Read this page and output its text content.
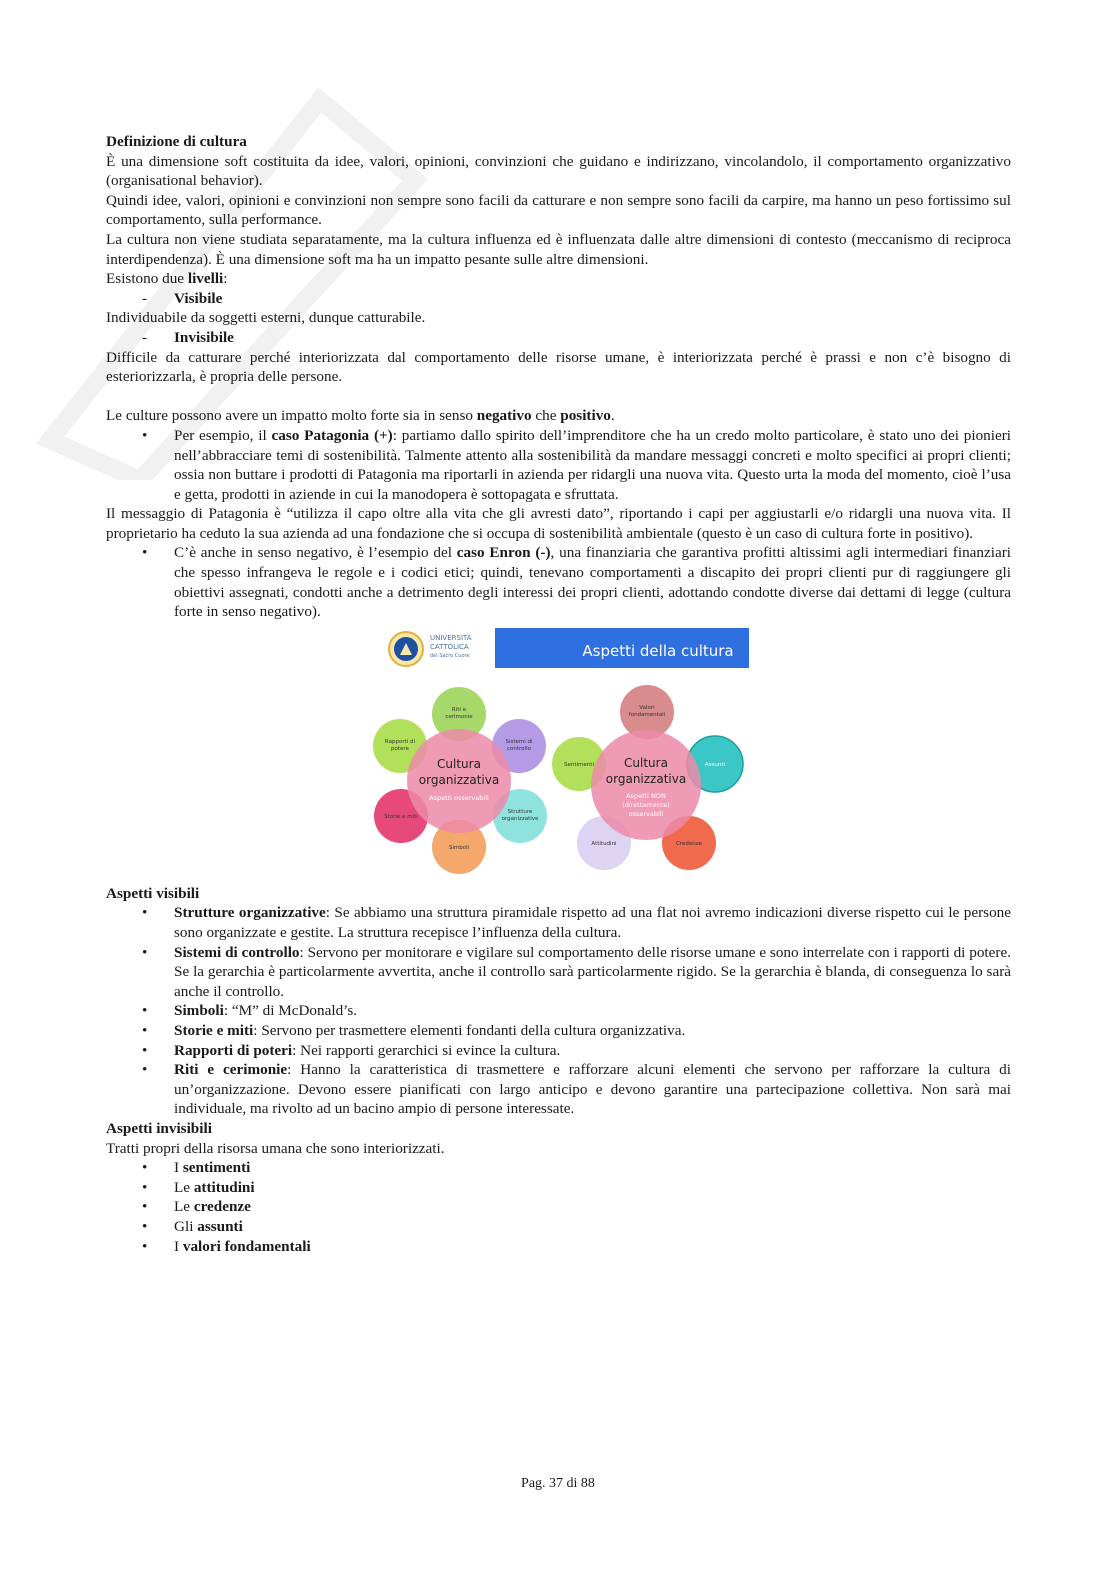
Definizione di cultura

È una dimensione soft costituita da idee, valori, opinioni, convinzioni che guidano e indirizzano, vincolandolo, il comportamento organizzativo (organisational behavior).

Quindi idee, valori, opinioni e convinzioni non sempre sono facili da catturare e non sempre sono facili da carpire, ma hanno un peso fortissimo sul comportamento, sulla performance.

La cultura non viene studiata separatamente, ma la cultura influenza ed è influenzata dalle altre dimensioni di contesto (meccanismo di reciproca interdipendenza). È una dimensione soft ma ha un impatto pesante sulle altre dimensioni.

Esistono due livelli:

-	Visibile

Individuabile da soggetti esterni, dunque catturabile.

-	Invisibile

Difficile da catturare perché interiorizzata dal comportamento delle risorse umane, è interiorizzata perché è prassi e non c’è bisogno di esteriorizzarla, è propria delle persone.

Le culture possono avere un impatto molto forte sia in senso negativo che positivo.

• Per esempio, il caso Patagonia (+): partiamo dallo spirito dell’imprenditore che ha un credo molto particolare, è stato uno dei pionieri nell’abbracciare temi di sostenibilità. Talmente attento alla sostenibilità da mandare messaggi concreti e molto specifici ai propri clienti; ossia non buttare i prodotti di Patagonia ma riportarli in azienda per ridargli una nuova vita. Questo urta la moda del momento, cioè l’usa e getta, prodotti in aziende in cui la manodopera è sottopagata e sfruttata.

Il messaggio di Patagonia è “utilizza il capo oltre alla vita che gli avresti dato”, riportando i capi per aggiustarli e/o ridargli una nuova vita. Il proprietario ha ceduto la sua azienda ad una fondazione che si occupa di sostenibilità ambientale (questo è un caso di cultura forte in positivo).

• C’è anche in senso negativo, è l’esempio del caso Enron (-), una finanziaria che garantiva profitti altissimi agli intermediari finanziari che spesso infrangeva le regole e i codici etici; quindi, tenevano comportamenti a discapito dei propri clienti pur di raggiungere gli obiettivi assegnati, condotti anche a detrimento degli interessi dei propri clienti, adottando condotte diverse dai dettami di legge (cultura forte in senso negativo).
UNIVERSITÀ
CATTOLICA
del Sacro Cuore	Aspetti della cultura
Cultura
organizzativa
Aspetti osservabili
Riti e
cerimonie
Sistemi di
controllo
Strutture
organizzative
Simboli
Storie e miti
Rapporti di
potere
Cultura
organizzativa
Aspetti NON
(direttamente)
osservabili
Valori
fondamentali
Assunti
Credenze
Attitudini
Sentimenti

Aspetti visibili

• Strutture organizzative: Se abbiamo una struttura piramidale rispetto ad una flat noi avremo indicazioni diverse rispetto cui le persone sono organizzate e gestite. La struttura recepisce l’influenza della cultura.
• Sistemi di controllo: Servono per monitorare e vigilare sul comportamento delle risorse umane e sono interrelate con i rapporti di potere. Se la gerarchia è particolarmente avvertita, anche il controllo sarà particolarmente rigido. Se la gerarchia è blanda, di conseguenza lo sarà anche il controllo.
• Simboli: “M” di McDonald’s.
• Storie e miti: Servono per trasmettere elementi fondanti della cultura organizzativa.
• Rapporti di poteri: Nei rapporti gerarchici si evince la cultura.
• Riti e cerimonie: Hanno la caratteristica di trasmettere e rafforzare alcuni elementi che servono per rafforzare la cultura di un’organizzazione. Devono essere pianificati con largo anticipo e devono garantire una partecipazione collettiva. Non sarà mai individuale, ma rivolto ad un bacino ampio di persone interessate.

Aspetti invisibili

Tratti propri della risorsa umana che sono interiorizzati.

• I sentimenti
• Le attitudini
• Le credenze
• Gli assunti
• I valori fondamentali
Pag. 37 di 88
